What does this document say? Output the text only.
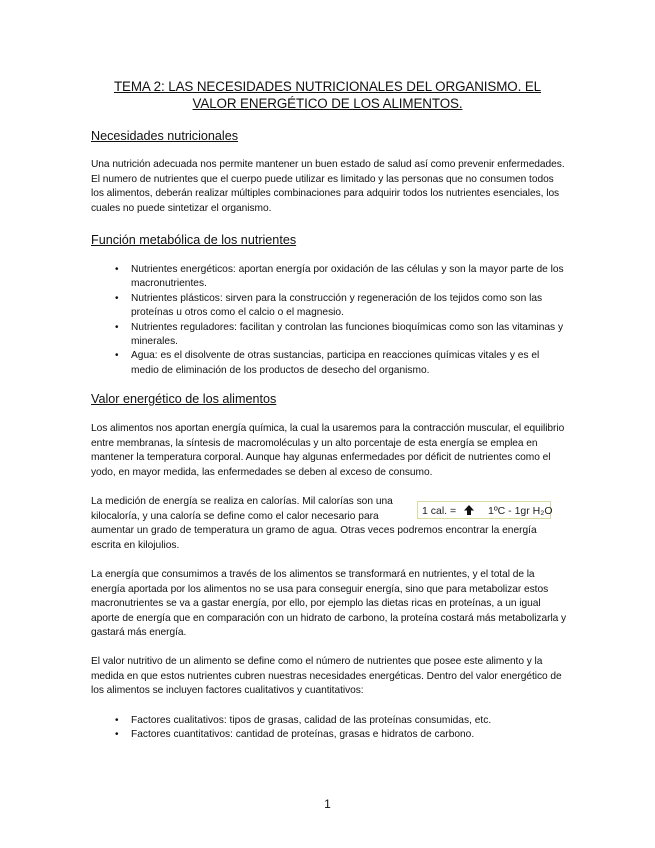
TEMA 2: LAS NECESIDADES NUTRICIONALES DEL ORGANISMO. EL VALOR ENERGÉTICO DE LOS ALIMENTOS.
Necesidades nutricionales
Una nutrición adecuada nos permite mantener un buen estado de salud así como prevenir enfermedades. El numero de nutrientes que el cuerpo puede utilizar es limitado y las personas que no consumen todos los alimentos, deberán realizar múltiples combinaciones para adquirir todos los nutrientes esenciales, los cuales no puede sintetizar el organismo.
Función metabólica de los nutrientes
• Nutrientes energéticos: aportan energía por oxidación de las células y son la mayor parte de los macronutrientes.
• Nutrientes plásticos: sirven para la construcción y regeneración de los tejidos como son las proteínas u otros como el calcio o el magnesio.
• Nutrientes reguladores: facilitan y controlan las funciones bioquímicas como son las vitaminas y minerales.
• Agua: es el disolvente de otras sustancias, participa en reacciones químicas vitales y es el medio de eliminación de los productos de desecho del organismo.
Valor energético de los alimentos
Los alimentos nos aportan energía química, la cual la usaremos para la contracción muscular, el equilibrio entre membranas, la síntesis de macromoléculas y un alto porcentaje de esta energía se emplea en mantener la temperatura corporal. Aunque hay algunas enfermedades por déficit de nutrientes como el yodo, en mayor medida, las enfermedades se deben al exceso de consumo.
La medición de energía se realiza en calorías. Mil calorías son una kilocaloría, y una caloría se define como el calor necesario para	1 cal. =	1ºC - 1gr H₂O
aumentar un grado de temperatura un gramo de agua. Otras veces podremos encontrar la energía escrita en kilojulios.
La energía que consumimos a través de los alimentos se transformará en nutrientes, y el total de la energía aportada por los alimentos no se usa para conseguir energía, sino que para metabolizar estos macronutrientes se va a gastar energía, por ello, por ejemplo las dietas ricas en proteínas, a un igual aporte de energía que en comparación con un hidrato de carbono, la proteína costará más metabolizarla y gastará más energía.
El valor nutritivo de un alimento se define como el número de nutrientes que posee este alimento y la medida en que estos nutrientes cubren nuestras necesidades energéticas. Dentro del valor energético de los alimentos se incluyen factores cualitativos y cuantitativos:
• Factores cualitativos: tipos de grasas, calidad de las proteínas consumidas, etc.
• Factores cuantitativos: cantidad de proteínas, grasas e hidratos de carbono.
1
